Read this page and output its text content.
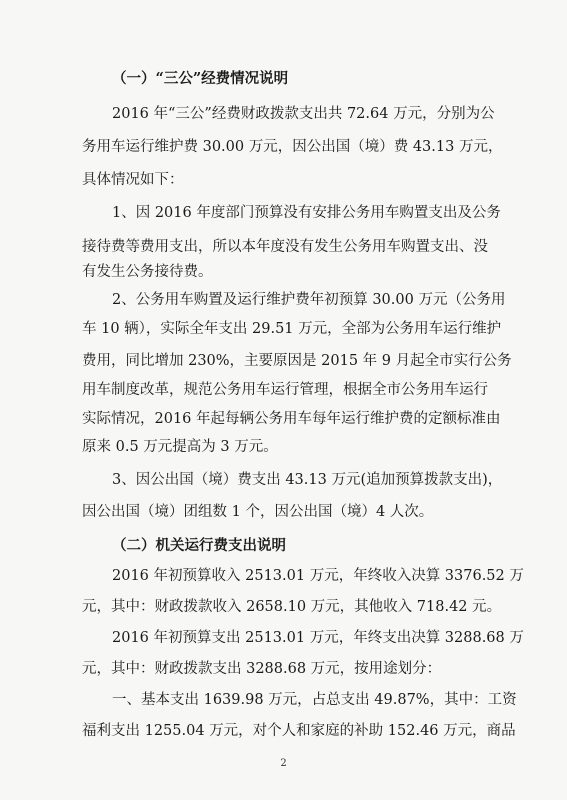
（一）“三公”经费情况说明
2016 年“三公”经费财政拨款支出共 72.64 万元，分别为公
务用车运行维护费 30.00 万元，因公出国（境）费 43.13 万元，
具体情况如下：
1、因 2016 年度部门预算没有安排公务用车购置支出及公务
接待费等费用支出，所以本年度没有发生公务用车购置支出、没
有发生公务接待费。
2、公务用车购置及运行维护费年初预算 30.00 万元（公务用
车 10 辆），实际全年支出 29.51 万元，全部为公务用车运行维护
费用，同比增加 230%，主要原因是 2015 年 9 月起全市实行公务
用车制度改革，规范公务用车运行管理，根据全市公务用车运行
实际情况，2016 年起每辆公务用车每年运行维护费的定额标准由
原来 0.5 万元提高为 3 万元。
3、因公出国（境）费支出 43.13 万元(追加预算拨款支出)，
因公出国（境）团组数 1 个，因公出国（境）4 人次。
（二）机关运行费支出说明
2016 年初预算收入 2513.01 万元，年终收入决算 3376.52 万
元，其中：财政拨款收入 2658.10 万元，其他收入 718.42 元。
2016 年初预算支出 2513.01 万元，年终支出决算 3288.68 万
元，其中：财政拨款支出 3288.68 万元，按用途划分：
一、基本支出 1639.98 万元，占总支出 49.87%，其中：工资
福利支出 1255.04 万元，对个人和家庭的补助 152.46 万元，商品
2
